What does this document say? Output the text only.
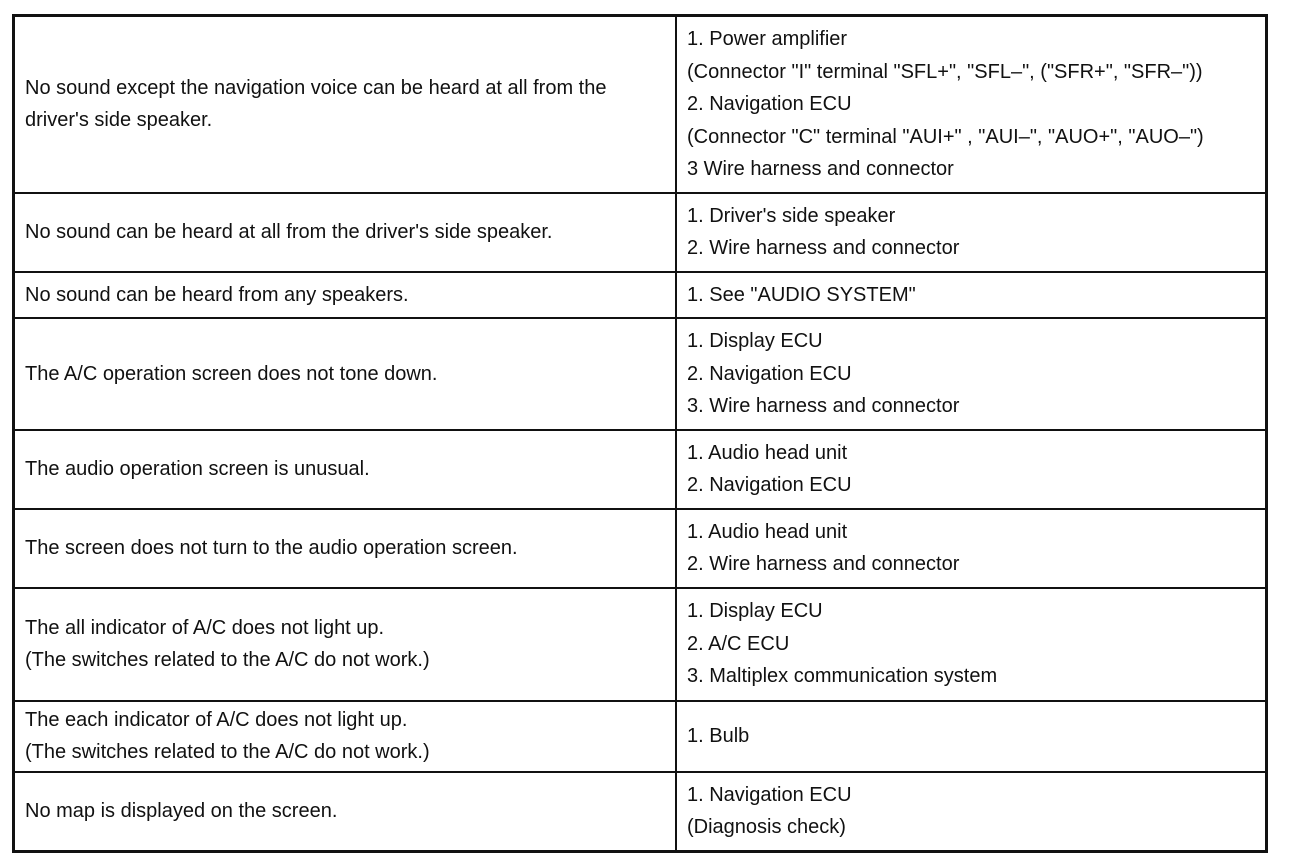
No sound except the navigation voice can be heard at all from the driver's side speaker.	1. Power amplifier
(Connector "I" terminal "SFL+", "SFL–", ("SFR+", "SFR–"))
2. Navigation ECU
(Connector "C" terminal "AUI+" , "AUI–", "AUO+", "AUO–")
3 Wire harness and connector

No sound can be heard at all from the driver's side speaker.	1. Driver's side speaker
2. Wire harness and connector

No sound can be heard from any speakers.	1. See "AUDIO SYSTEM"

The A/C operation screen does not tone down.	1. Display ECU
2. Navigation ECU
3. Wire harness and connector

The audio operation screen is unusual.	1. Audio head unit
2. Navigation ECU

The screen does not turn to the audio operation screen.	1. Audio head unit
2. Wire harness and connector

The all indicator of A/C does not light up.
(The switches related to the A/C do not work.)	1. Display ECU
2. A/C ECU
3. Maltiplex communication system

The each indicator of A/C does not light up.
(The switches related to the A/C do not work.)	1. Bulb

No map is displayed on the screen.	1. Navigation ECU
(Diagnosis check)
